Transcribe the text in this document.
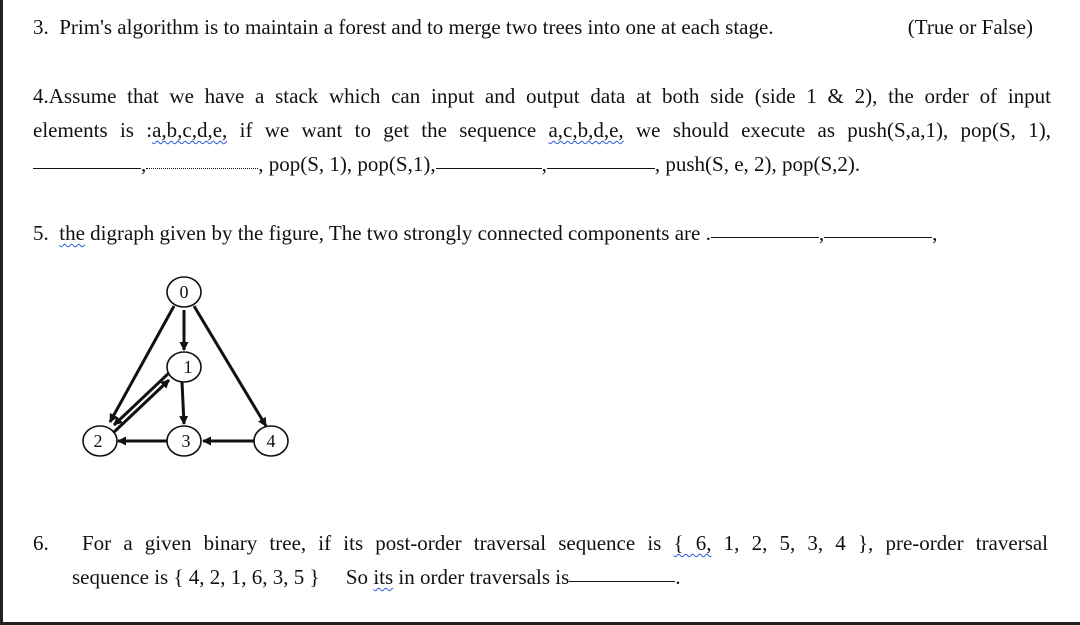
3. Prim's algorithm is to maintain a forest and to merge two trees into one at each stage.	(True or False)
4.Assume that we have a stack which can input and output data at both side (side 1 & 2), the order of input
elements is :a,b,c,d,e, if we want to get the sequence a,c,b,d,e, we should execute as push(S,a,1), pop(S, 1),
,	, pop(S, 1), pop(S,1),	,	, push(S, e, 2), pop(S,2).
5. the digraph given by the figure, The two strongly connected components are .	,	,
0
1
2	3	4
6. For a given binary tree, if its post-order traversal sequence is { 6, 1, 2, 5, 3, 4 }, pre-order traversal
sequence is { 4, 2, 1, 6, 3, 5 } So its in order traversals is	.
